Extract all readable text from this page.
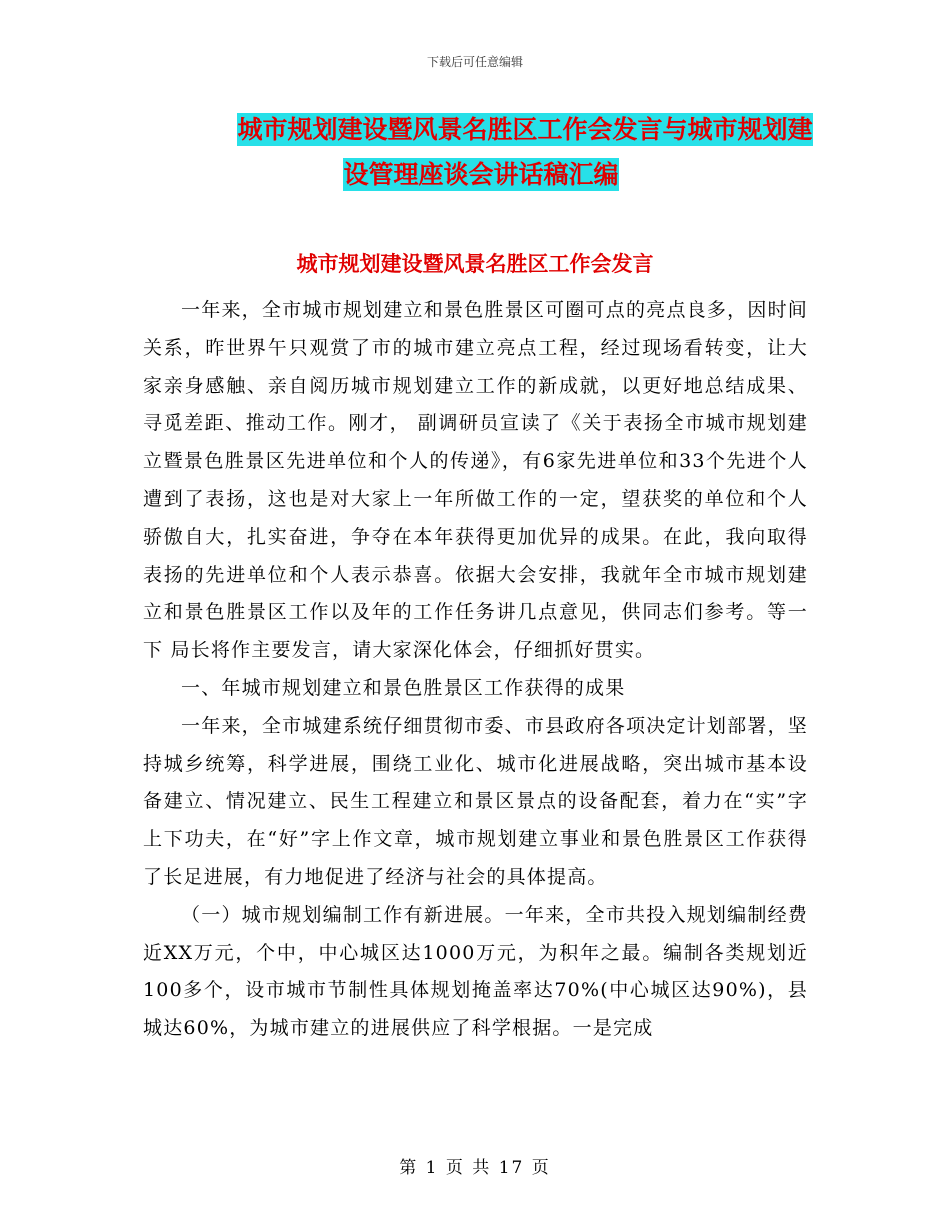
下载后可任意编辑
城市规划建设暨风景名胜区工作会发言与城市规划建
设管理座谈会讲话稿汇编
城市规划建设暨风景名胜区工作会发言

一年来，全市城市规划建立和景色胜景区可圈可点的亮点良多，因时间关系，昨世界午只观赏了市的城市建立亮点工程，经过现场看转变，让大家亲身感触、亲自阅历城市规划建立工作的新成就，以更好地总结成果、寻觅差距、推动工作。刚才， 副调研员宣读了《关于表扬全市城市规划建立暨景色胜景区先进单位和个人的传递》，有6家先进单位和33个先进个人遭到了表扬，这也是对大家上一年所做工作的一定，望获奖的单位和个人骄傲自大，扎实奋进，争夺在本年获得更加优异的成果。在此，我向取得表扬的先进单位和个人表示恭喜。依据大会安排，我就年全市城市规划建立和景色胜景区工作以及年的工作任务讲几点意见，供同志们参考。等一下 局长将作主要发言，请大家深化体会，仔细抓好贯实。

一、年城市规划建立和景色胜景区工作获得的成果

一年来，全市城建系统仔细贯彻市委、市县政府各项决定计划部署，坚持城乡统筹，科学进展，围绕工业化、城市化进展战略，突出城市基本设备建立、情况建立、民生工程建立和景区景点的设备配套，着力在“实”字上下功夫，在“好”字上作文章，城市规划建立事业和景色胜景区工作获得了长足进展，有力地促进了经济与社会的具体提高。

（一）城市规划编制工作有新进展。一年来，全市共投入规划编制经费近XX万元，个中，中心城区达1000万元，为积年之最。编制各类规划近100多个，设市城市节制性具体规划掩盖率达70%(中心城区达90%)，县城达60%，为城市建立的进展供应了科学根据。一是完成

第 1 页 共 17 页
